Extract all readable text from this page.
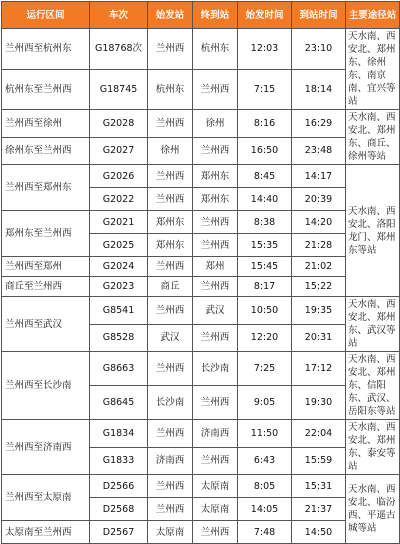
运行区间	车次	始发站	终到站	始发时间	到站时间	主要途径站
兰州西至杭州东	G18768次	兰州西	杭州东	12:03	23:10	天水南、西安北、郑州东、徐州东、南京南、宜兴等站
杭州东至兰州西	G18745	杭州东	兰州西	7:15	18:14	
兰州西至徐州	G2028	兰州西	徐州	8:16	16:29	天水南、西安北、郑州东、商丘、徐州等站
徐州东至兰州西	G2027	徐州	兰州西	16:50	23:48	
兰州西至郑州东	G2026	兰州西	郑州东	8:45	14:17	天水南、西安北、洛阳龙门、郑州东等站
	G2022	兰州西	郑州东	14:40	20:39	
郑州东至兰州西	G2021	郑州东	兰州西	8:38	14:20	
	G2025	郑州东	兰州西	15:35	21:28	
兰州西至郑州	G2024	兰州西	郑州	15:45	21:02	
商丘至兰州西	G2023	商丘	兰州西	8:17	15:22	
兰州西至武汉	G8541	兰州西	武汉	10:50	19:35	天水南、西安北、郑州东、武汉等站
	G8528	武汉	兰州西	12:20	20:31	
兰州西至长沙南	G8663	兰州西	长沙南	7:25	17:12	天水南、西安北、郑州东、信阳东、武汉、岳阳东等站
	G8645	长沙南	兰州西	9:05	19:30	
兰州西至济南西	G1834	兰州西	济南西	11:50	22:04	天水南、西安北、郑州东、泰安等站
	G1833	济南西	兰州西	6:43	15:59	
兰州西至太原南	D2566	兰州西	太原南	8:05	15:31	天水南、西安北、临汾西、平遥古城等站
	D2568	兰州西	太原南	14:05	21:37	
太原南至兰州西	D2567	太原南	兰州西	7:48	14:50	
